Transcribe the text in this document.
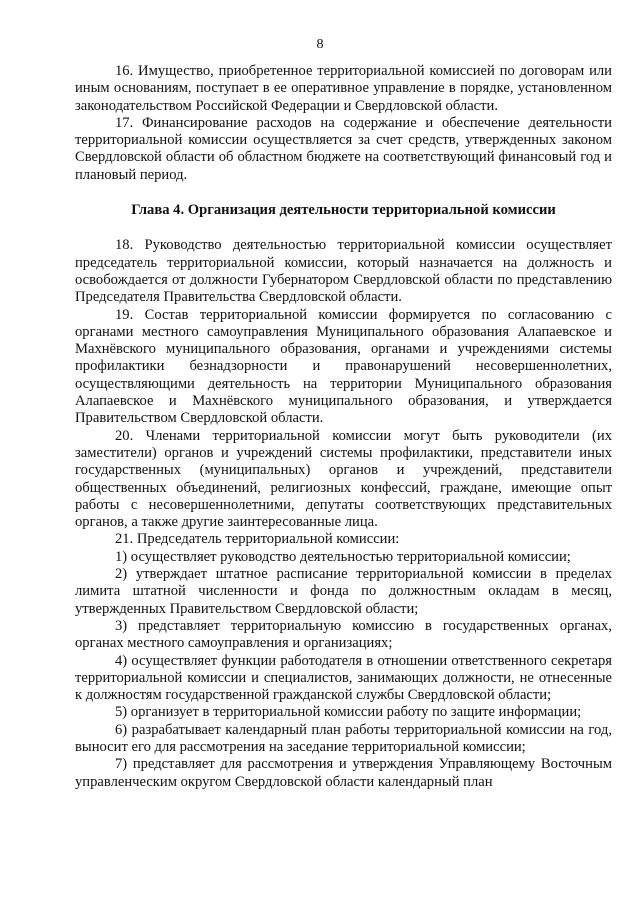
8

16. Имущество, приобретенное территориальной комиссией по договорам или иным основаниям, поступает в ее оперативное управление в порядке, установленном законодательством Российской Федерации и Свердловской области.

17. Финансирование расходов на содержание и обеспечение деятельности территориальной комиссии осуществляется за счет средств, утвержденных законом Свердловской области об областном бюджете на соответствующий финансовый год и плановый период.

Глава 4. Организация деятельности территориальной комиссии

18. Руководство деятельностью территориальной комиссии осуществляет председатель территориальной комиссии, который назначается на должность и освобождается от должности Губернатором Свердловской области по представлению Председателя Правительства Свердловской области.

19. Состав территориальной комиссии формируется по согласованию с органами местного самоуправления Муниципального образования Алапаевское и Махнёвского муниципального образования, органами и учреждениями системы профилактики безнадзорности и правонарушений несовершеннолетних, осуществляющими деятельность на территории Муниципального образования Алапаевское и Махнёвского муниципального образования, и утверждается Правительством Свердловской области.

20. Членами территориальной комиссии могут быть руководители (их заместители) органов и учреждений системы профилактики, представители иных государственных (муниципальных) органов и учреждений, представители общественных объединений, религиозных конфессий, граждане, имеющие опыт работы с несовершеннолетними, депутаты соответствующих представительных органов, а также другие заинтересованные лица.

21. Председатель территориальной комиссии:

1) осуществляет руководство деятельностью территориальной комиссии;

2) утверждает штатное расписание территориальной комиссии в пределах лимита штатной численности и фонда по должностным окладам в месяц, утвержденных Правительством Свердловской области;

3) представляет территориальную комиссию в государственных органах, органах местного самоуправления и организациях;

4) осуществляет функции работодателя в отношении ответственного секретаря территориальной комиссии и специалистов, занимающих должности, не отнесенные к должностям государственной гражданской службы Свердловской области;

5) организует в территориальной комиссии работу по защите информации;

6) разрабатывает календарный план работы территориальной комиссии на год, выносит его для рассмотрения на заседание территориальной комиссии;

7) представляет для рассмотрения и утверждения Управляющему Восточным управленческим округом Свердловской области календарный план
